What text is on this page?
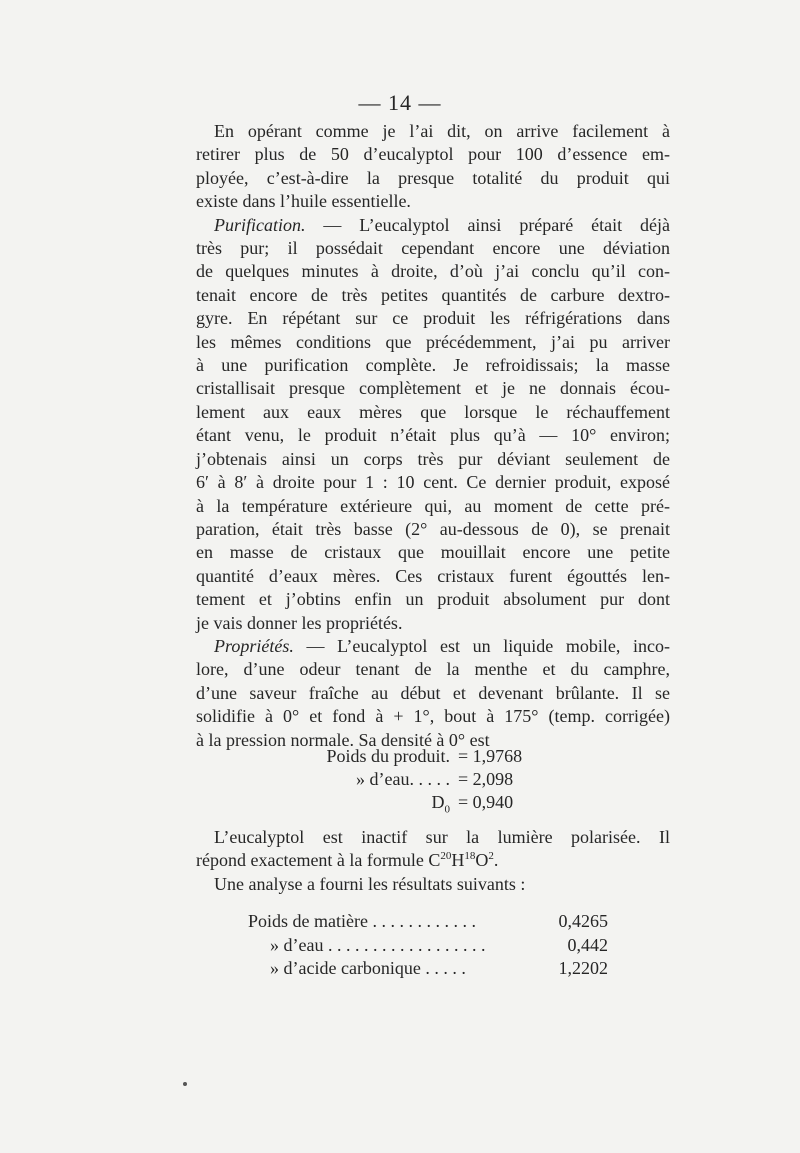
— 14 —

En opérant comme je l’ai dit, on arrive facilement à
retirer plus de 50 d’eucalyptol pour 100 d’essence em-
ployée, c’est-à-dire la presque totalité du produit qui
existe dans l’huile essentielle.

Purification. — L’eucalyptol ainsi préparé était déjà
très pur; il possédait cependant encore une déviation
de quelques minutes à droite, d’où j’ai conclu qu’il con-
tenait encore de très petites quantités de carbure dextro-
gyre. En répétant sur ce produit les réfrigérations dans
les mêmes conditions que précédemment, j’ai pu arriver
à une purification complète. Je refroidissais; la masse
cristallisait presque complètement et je ne donnais écou-
lement aux eaux mères que lorsque le réchauffement
étant venu, le produit n’était plus qu’à — 10° environ;
j’obtenais ainsi un corps très pur déviant seulement de
6′ à 8′ à droite pour 1 : 10 cent. Ce dernier produit, exposé
à la température extérieure qui, au moment de cette pré-
paration, était très basse (2° au-dessous de 0), se prenait
en masse de cristaux que mouillait encore une petite
quantité d’eaux mères. Ces cristaux furent égouttés len-
tement et j’obtins enfin un produit absolument pur dont
je vais donner les propriétés.

Propriétés. — L’eucalyptol est un liquide mobile, inco-
lore, d’une odeur tenant de la menthe et du camphre,
d’une saveur fraîche au début et devenant brûlante. Il se
solidifie à 0° et fond à + 1°, bout à 175° (temp. corrigée)
à la pression normale. Sa densité à 0° est

Poids du produit. = 1,9768
» d’eau. . . . . = 2,098
$D_0 = 0,940$
L’eucalyptol est inactif sur la lumière polarisée. Il
répond exactement à la formule $C^{20}H^{18}O^2$.
Une analyse a fourni les résultats suivants :
Poids de matière . . . . . . . . . . . .	0,4265
» d’eau . . . . . . . . . . . . . . . . . .	0,442
» d’acide carbonique . . . . .	1,2202
